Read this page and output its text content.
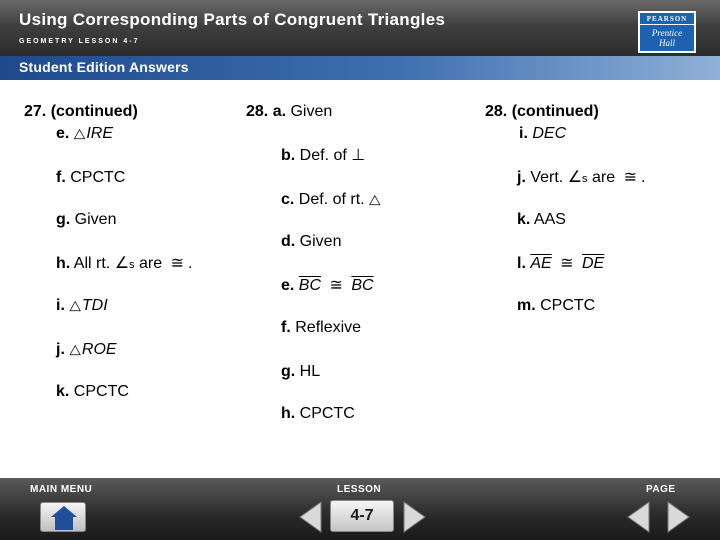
Using Corresponding Parts of Congruent Triangles
GEOMETRY LESSON 4-7
PEARSON
Prentice
Hall
Student Edition Answers
27. (continued)
e. △IRE
f. CPCTC
g. Given
h. All rt. ∠s are ≅ .
i. △TDI
j. △ROE
k. CPCTC
28. a. Given
b. Def. of ⊥
c. Def. of rt. △
d. Given
e. $\overline{BC}$ ≅ $\overline{BC}$
f. Reflexive
g. HL
h. CPCTC
28. (continued)
i. DEC
j. Vert. ∠s are ≅ .
k. AAS
l. $\overline{AE}$ ≅ $\overline{DE}$
m. CPCTC
MAIN MENU	LESSON	PAGE
4-7
